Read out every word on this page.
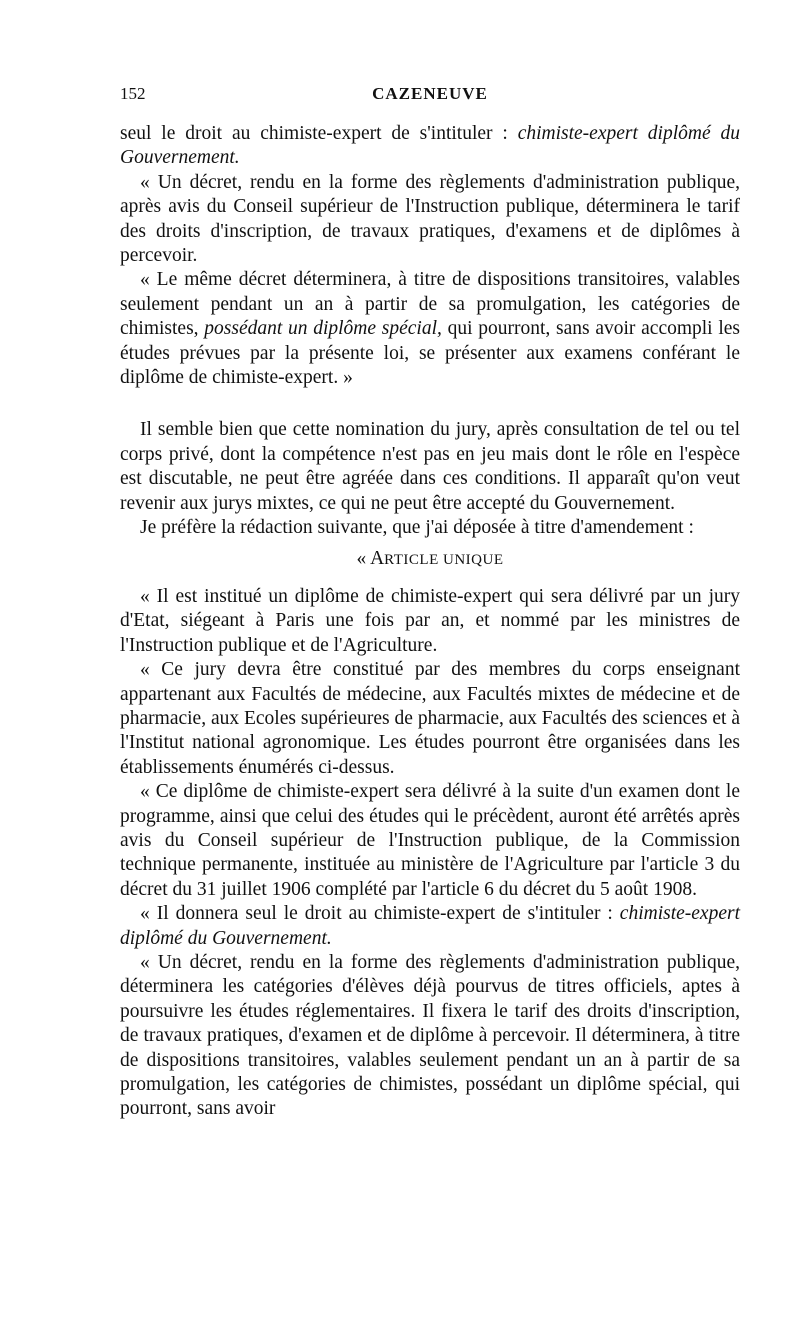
152	CAZENEUVE

seul le droit au chimiste-expert de s'intituler : chimiste-expert diplômé du Gouvernement.

« Un décret, rendu en la forme des règlements d'administration publique, après avis du Conseil supérieur de l'Instruction publique, déterminera le tarif des droits d'inscription, de travaux pratiques, d'examens et de diplômes à percevoir.

« Le même décret déterminera, à titre de dispositions transitoires, valables seulement pendant un an à partir de sa promulgation, les catégories de chimistes, possédant un diplôme spécial, qui pourront, sans avoir accompli les études prévues par la présente loi, se présenter aux examens conférant le diplôme de chimiste-expert. »

Il semble bien que cette nomination du jury, après consultation de tel ou tel corps privé, dont la compétence n'est pas en jeu mais dont le rôle en l'espèce est discutable, ne peut être agréée dans ces conditions. Il apparaît qu'on veut revenir aux jurys mixtes, ce qui ne peut être accepté du Gouvernement.

Je préfère la rédaction suivante, que j'ai déposée à titre d'amendement :

« ARTICLE UNIQUE

« Il est institué un diplôme de chimiste-expert qui sera délivré par un jury d'Etat, siégeant à Paris une fois par an, et nommé par les ministres de l'Instruction publique et de l'Agriculture.

« Ce jury devra être constitué par des membres du corps enseignant appartenant aux Facultés de médecine, aux Facultés mixtes de médecine et de pharmacie, aux Ecoles supérieures de pharmacie, aux Facultés des sciences et à l'Institut national agronomique. Les études pourront être organisées dans les établissements énumérés ci-dessus.

« Ce diplôme de chimiste-expert sera délivré à la suite d'un examen dont le programme, ainsi que celui des études qui le précèdent, auront été arrêtés après avis du Conseil supérieur de l'Instruction publique, de la Commission technique permanente, instituée au ministère de l'Agriculture par l'article 3 du décret du 31 juillet 1906 complété par l'article 6 du décret du 5 août 1908.

« Il donnera seul le droit au chimiste-expert de s'intituler : chimiste-expert diplômé du Gouvernement.

« Un décret, rendu en la forme des règlements d'administration publique, déterminera les catégories d'élèves déjà pourvus de titres officiels, aptes à poursuivre les études réglementaires. Il fixera le tarif des droits d'inscription, de travaux pratiques, d'examen et de diplôme à percevoir. Il déterminera, à titre de dispositions transitoires, valables seulement pendant un an à partir de sa promulgation, les catégories de chimistes, possédant un diplôme spécial, qui pourront, sans avoir
